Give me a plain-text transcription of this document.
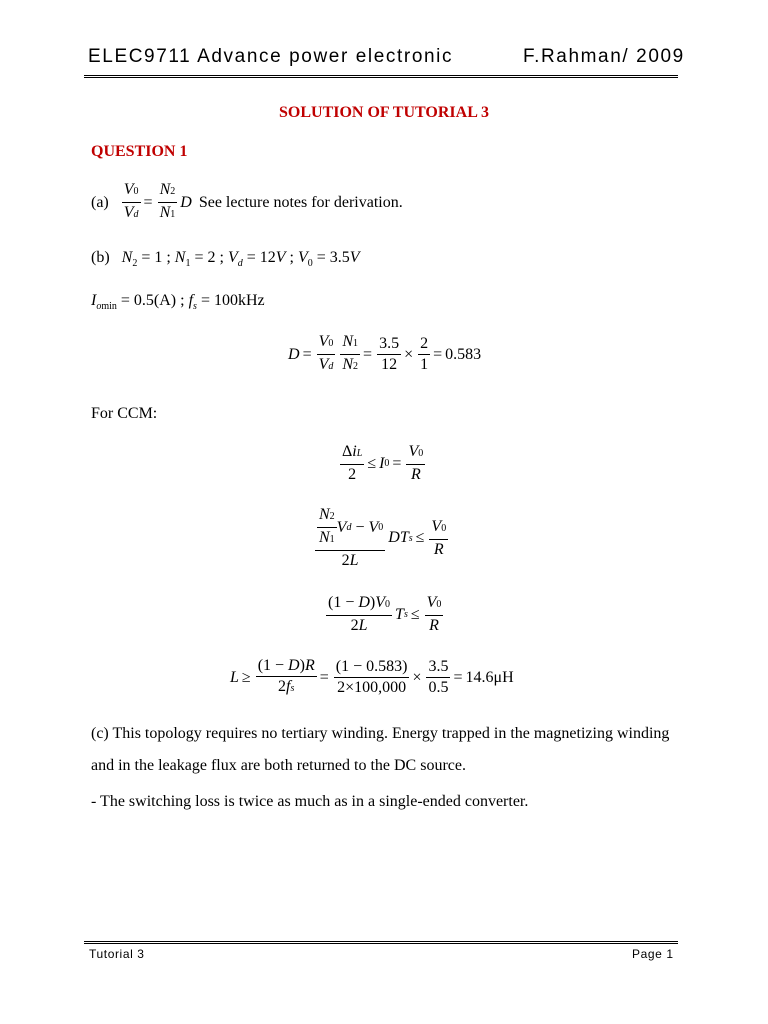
ELEC9711 Advance power electronic	F.Rahman/ 2009
SOLUTION OF TUTORIAL 3
QUESTION 1
$(a) \frac{V0}{Vd} = \frac{N2}{N1}$ D See lecture notes for derivation.
(b) $N_2 = 1$ ; $N_1 = 2$ ; $V_d = 12V$ ; $V_0 = 3.5V$
$I_{omin} = 0.5(A)$ ; $f_s = 100kHz$
$D = \frac{V0}{Vd} \frac{N1}{N2} = \frac{3.5}{12} \times \frac{2}{1} = 0.583$
For CCM:
$\frac{\text{ΔiL}}{2} \le I$ $0 = \frac{V0}{R}$
$\frac{\frac{N2}{N1} V d - V 0}{2L}$ DT $s \le \frac{V0}{R}$
$\frac{(1 - D)V0}{2L}$ T $s \le \frac{V0}{R}$
$L \ge \frac{(1 - D)R}{2fs} = \frac{(1 - 0.583)}{2\times 100,000} \times \frac{3.5}{0.5} = 14.6\mu H$
(c) This topology requires no tertiary winding. Energy trapped in the magnetizing winding and in the leakage flux are both returned to the DC source.
- The switching loss is twice as much as in a single-ended converter.
Tutorial 3	Page 1
